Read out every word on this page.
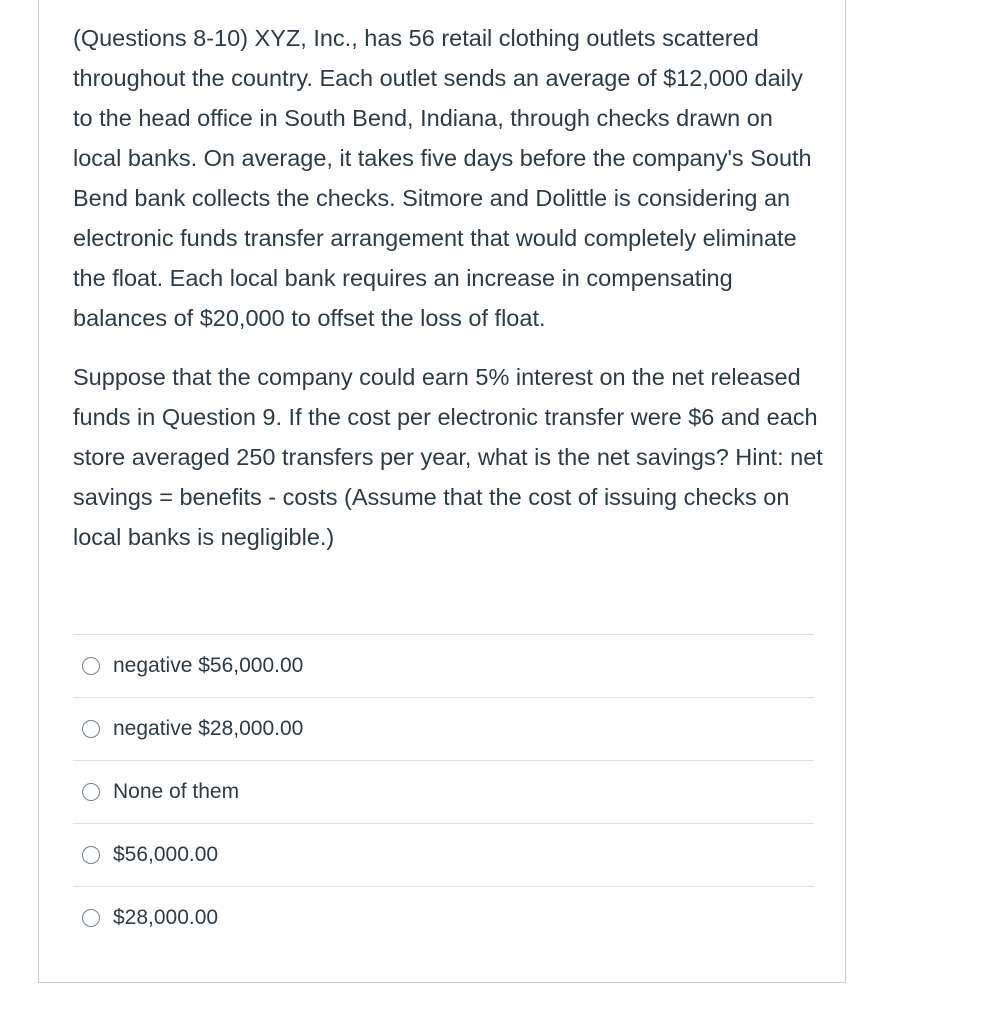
(Questions 8-10) XYZ, Inc., has 56 retail clothing outlets scattered throughout the country. Each outlet sends an average of $12,000 daily to the head office in South Bend, Indiana, through checks drawn on local banks. On average, it takes five days before the company's South Bend bank collects the checks. Sitmore and Dolittle is considering an electronic funds transfer arrangement that would completely eliminate the float. Each local bank requires an increase in compensating balances of $20,000 to offset the loss of float.

Suppose that the company could earn 5% interest on the net released funds in Question 9. If the cost per electronic transfer were $6 and each store averaged 250 transfers per year, what is the net savings? Hint: net savings = benefits - costs (Assume that the cost of issuing checks on local banks is negligible.)

negative $56,000.00
negative $28,000.00
None of them
$56,000.00
$28,000.00
